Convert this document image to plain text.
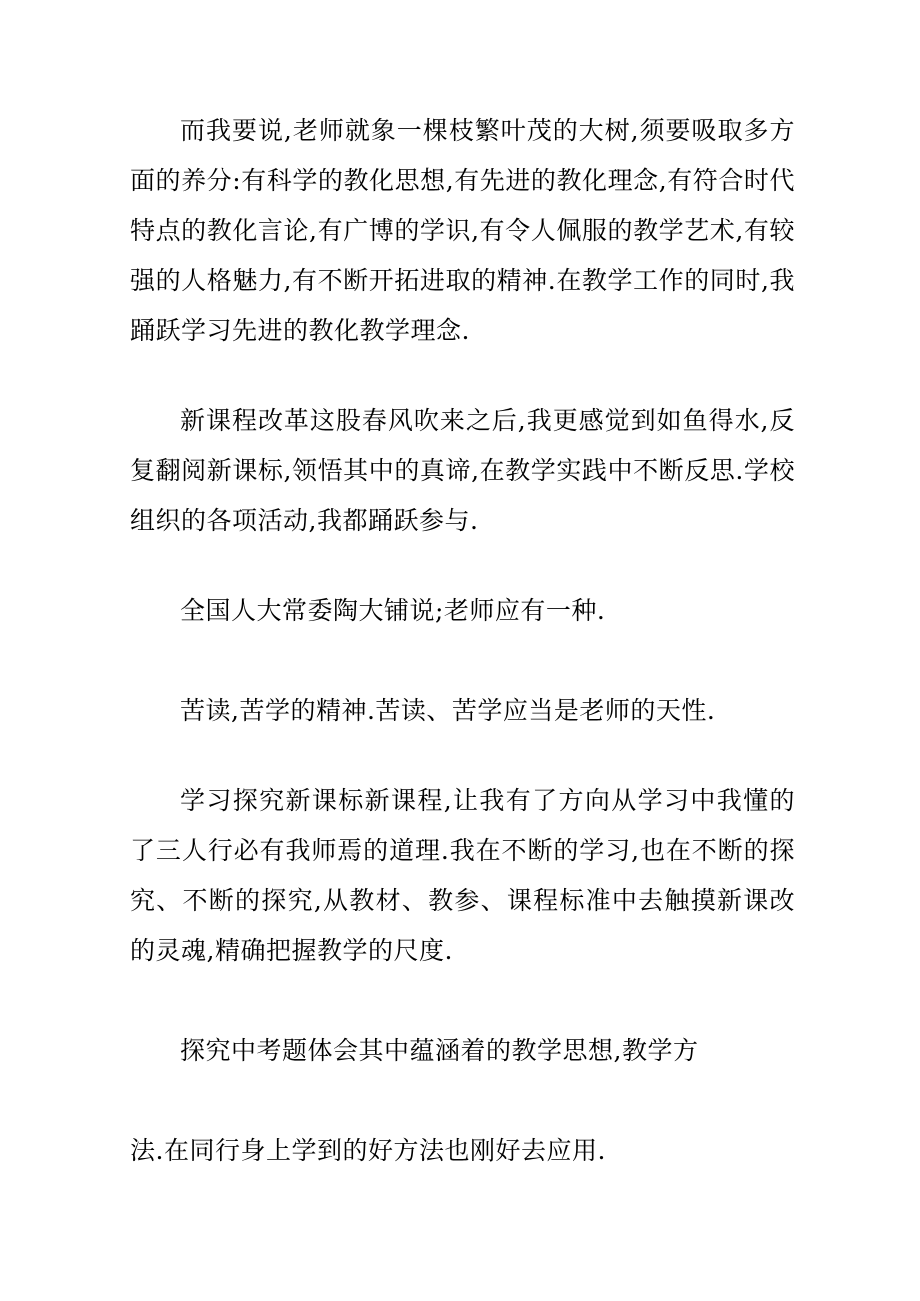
而我要说,老师就象一棵枝繁叶茂的大树,须要吸取多方面的养分:有科学的教化思想,有先进的教化理念,有符合时代特点的教化言论,有广博的学识,有令人佩服的教学艺术,有较强的人格魅力,有不断开拓进取的精神.在教学工作的同时,我踊跃学习先进的教化教学理念.

新课程改革这股春风吹来之后,我更感觉到如鱼得水,反复翻阅新课标,领悟其中的真谛,在教学实践中不断反思.学校组织的各项活动,我都踊跃参与.

全国人大常委陶大铺说;老师应有一种.

苦读,苦学的精神.苦读、苦学应当是老师的天性.

学习探究新课标新课程,让我有了方向从学习中我懂的了三人行必有我师焉的道理.我在不断的学习,也在不断的探究、不断的探究,从教材、教参、课程标准中去触摸新课改的灵魂,精确把握教学的尺度.

探究中考题体会其中蕴涵着的教学思想,教学方

法.在同行身上学到的好方法也刚好去应用.
